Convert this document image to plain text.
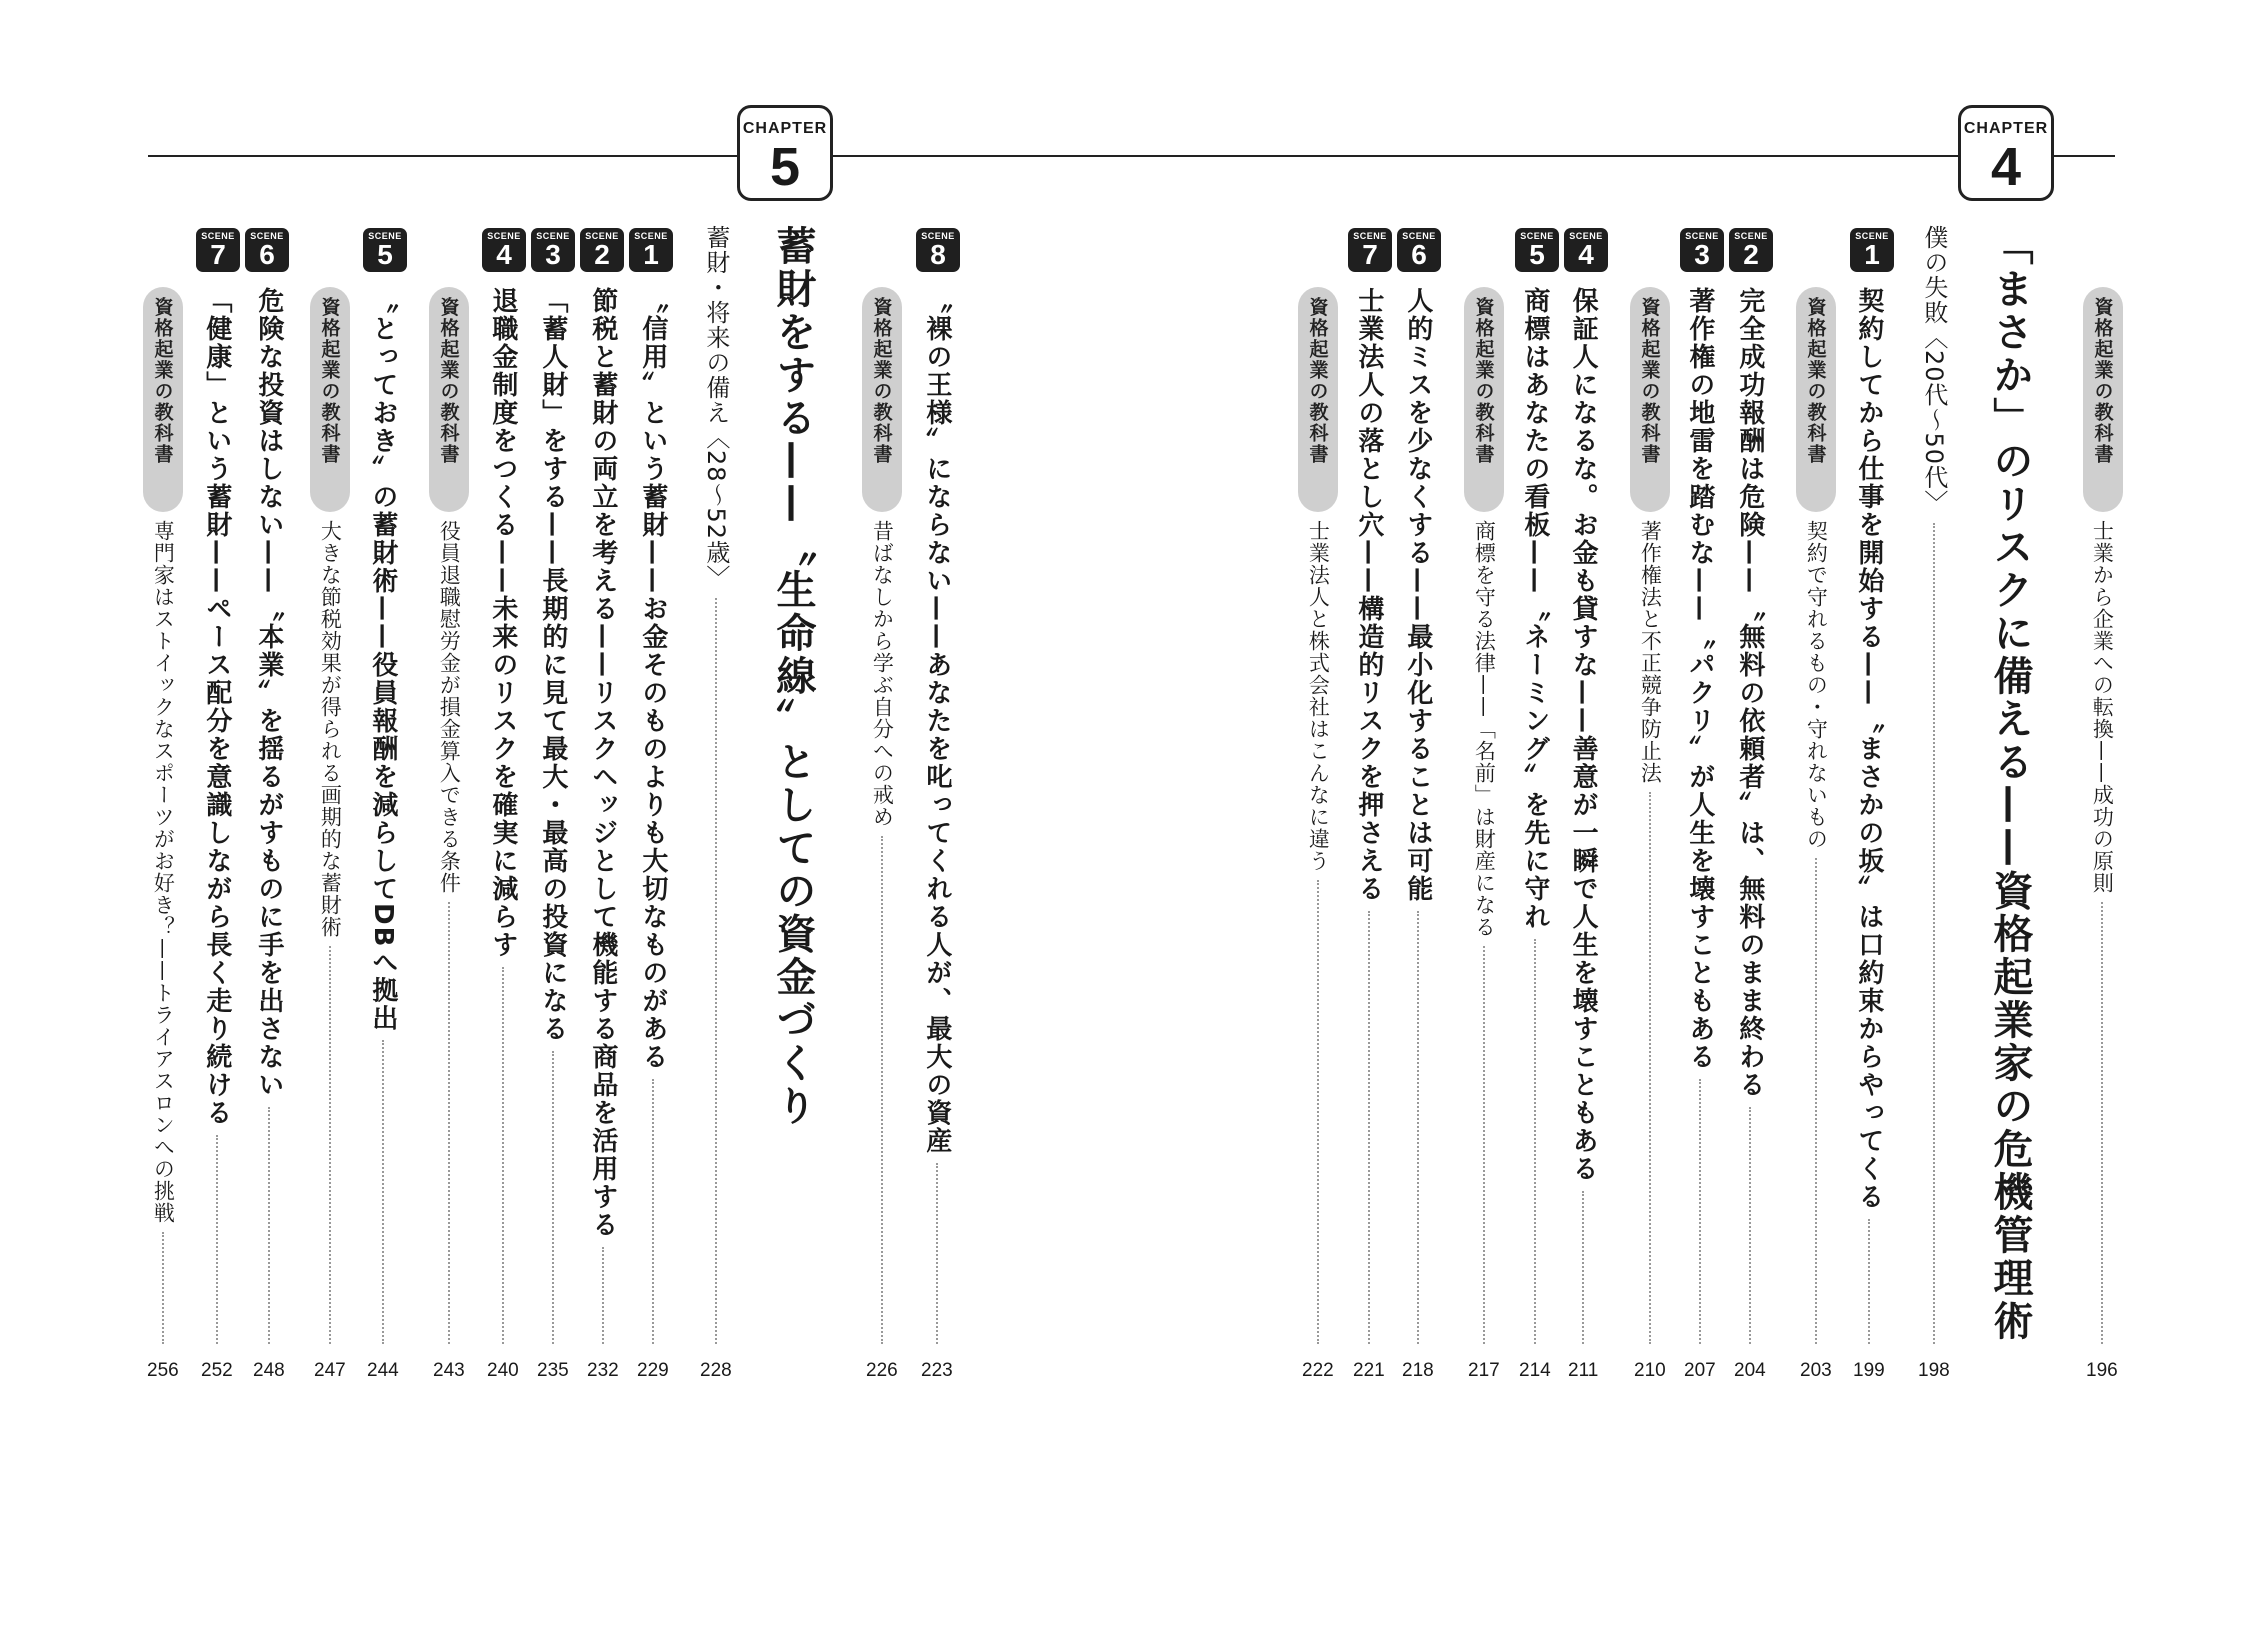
CHAPTER
5
CHAPTER
4
資格起業の教科書
士業から企業への転換——成功の原則
196
「まさか」のリスクに備える——資格起業家の危機管理術
僕の失敗〈20代〜50代〉
198
SCENE
1
契約してから仕事を開始する——〝まさかの坂〟は口約束からやってくる
199
資格起業の教科書
契約で守れるもの・守れないもの
203
SCENE
2
SCENE
3
完全成功報酬は危険——〝無料の依頼者〟は、無料のまま終わる
204
著作権の地雷を踏むな——〝パクリ〟が人生を壊すこともある
207
資格起業の教科書
著作権法と不正競争防止法
210
SCENE
4
SCENE
5
保証人になるな。お金も貸すな——善意が一瞬で人生を壊すこともある
211
商標はあなたの看板——〝ネーミング〟を先に守れ
214
資格起業の教科書
商標を守る法律——「名前」は財産になる
217
SCENE
6
SCENE
7
人的ミスを少なくする——最小化することは可能
218
士業法人の落とし穴——構造的リスクを押さえる
221
資格起業の教科書
士業法人と株式会社はこんなに違う
222
SCENE
8
〝裸の王様〟にならない——あなたを叱ってくれる人が、最大の資産
223
資格起業の教科書
昔ばなしから学ぶ自分への戒め
226
蓄財をする——〝生命線〟としての資金づくり
蓄財・将来の備え〈28〜52歳〉
228
SCENE
1
SCENE
2
SCENE
3
SCENE
4
〝信用〟という蓄財——お金そのものよりも大切なものがある
229
節税と蓄財の両立を考える——リスクヘッジとして機能する商品を活用する
232
「蓄人財」をする——長期的に見て最大・最高の投資になる
235
退職金制度をつくる——未来のリスクを確実に減らす
240
資格起業の教科書
役員退職慰労金が損金算入できる条件
243
SCENE
5
〝とっておき〟の蓄財術——役員報酬を減らしてDBへ拠出
244
資格起業の教科書
大きな節税効果が得られる画期的な蓄財術
247
SCENE
6
SCENE
7
危険な投資はしない——〝本業〟を揺るがすものに手を出さない
248
「健康」という蓄財——ペース配分を意識しながら長く走り続ける
252
資格起業の教科書
専門家はストイックなスポーツがお好き？——トライアスロンへの挑戦
256
